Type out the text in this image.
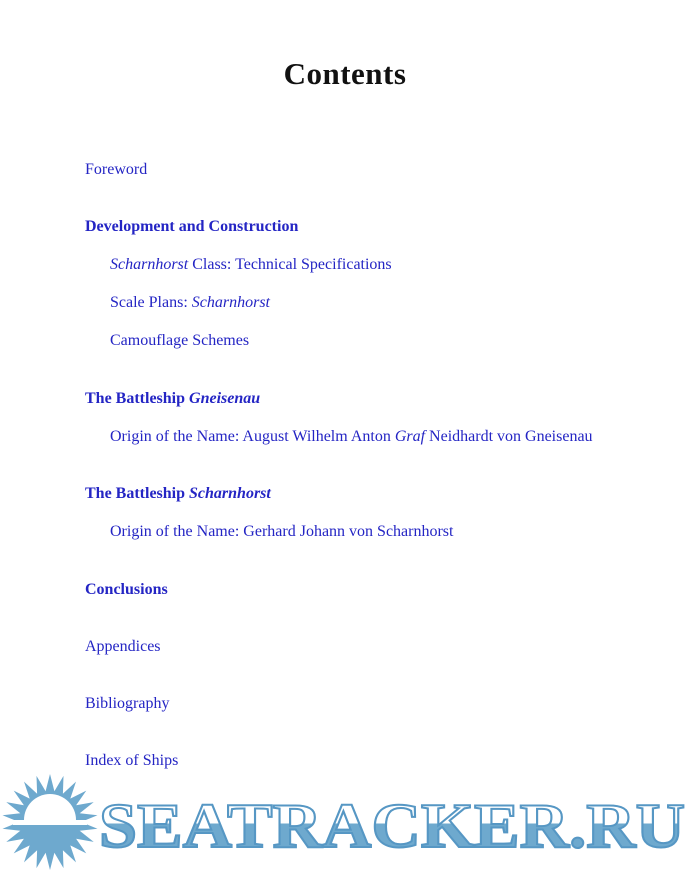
Contents
Foreword
Development and Construction
Scharnhorst Class: Technical Specifications
Scale Plans: Scharnhorst
Camouflage Schemes
The Battleship Gneisenau
Origin of the Name: August Wilhelm Anton Graf Neidhardt von Gneisenau
The Battleship Scharnhorst
Origin of the Name: Gerhard Johann von Scharnhorst
Conclusions
Appendices
Bibliography
Index of Ships
SEATRACKER.RU
